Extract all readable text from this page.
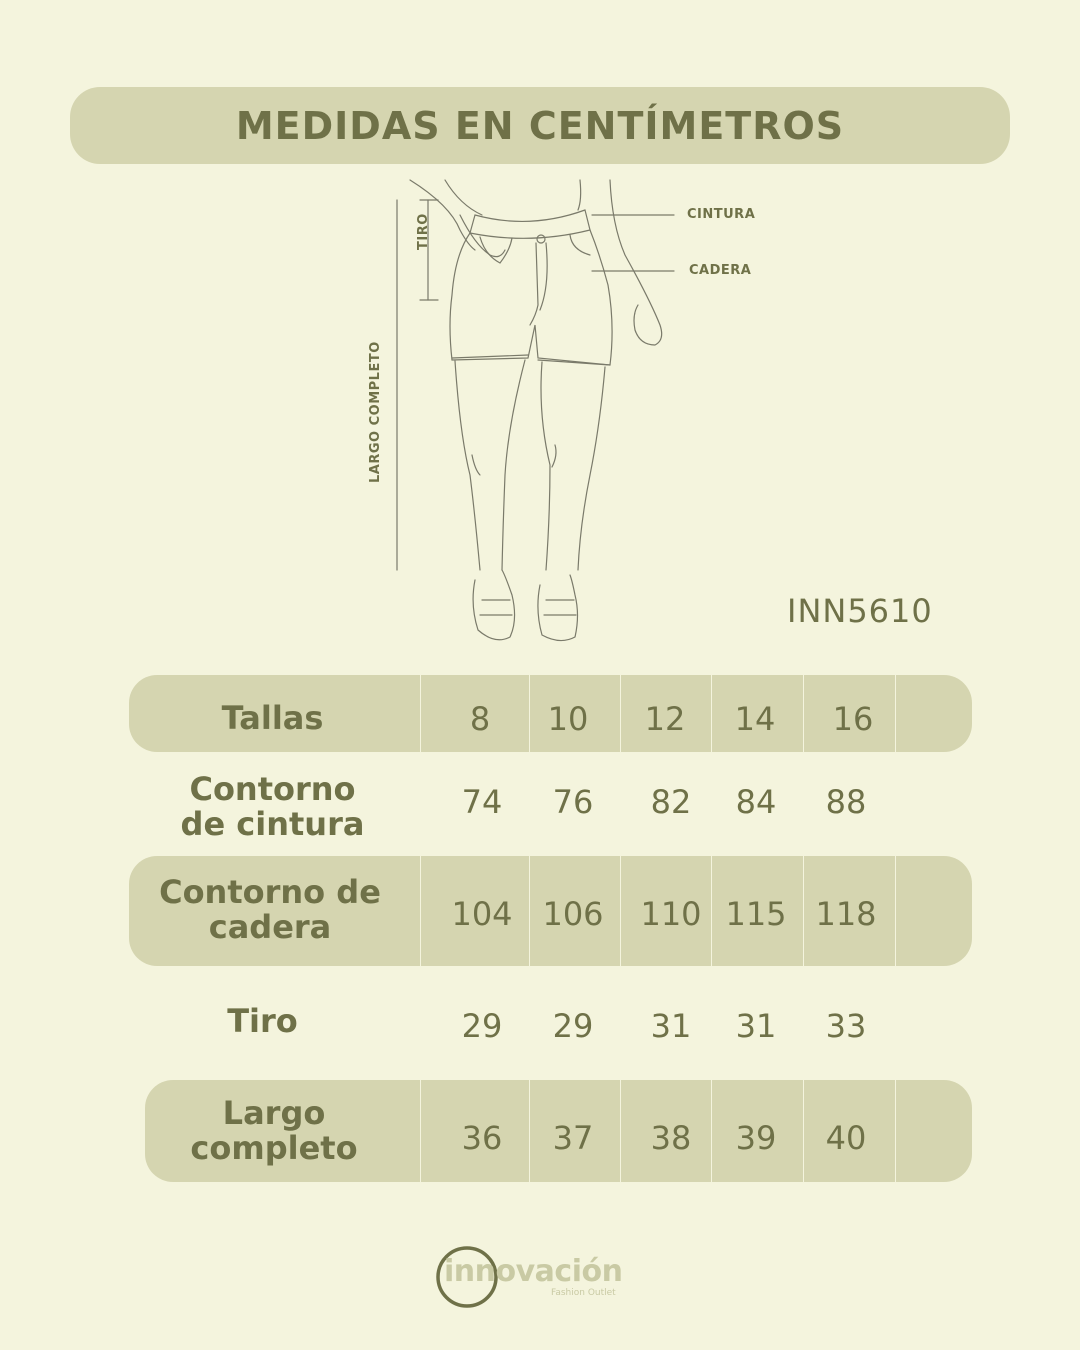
MEDIDAS EN CENTÍMETROS
CINTURA
CADERA
TIRO
LARGO COMPLETO
INN5610
Tallas	8	10	12	14	16
Contorno
de cintura
74	76	82	84	88
Contorno de
cadera	104 106 110 115 118
Tiro	29	29	31	31	33
Largo
completo	36	37	38	39	40
innovación
Fashion Outlet
